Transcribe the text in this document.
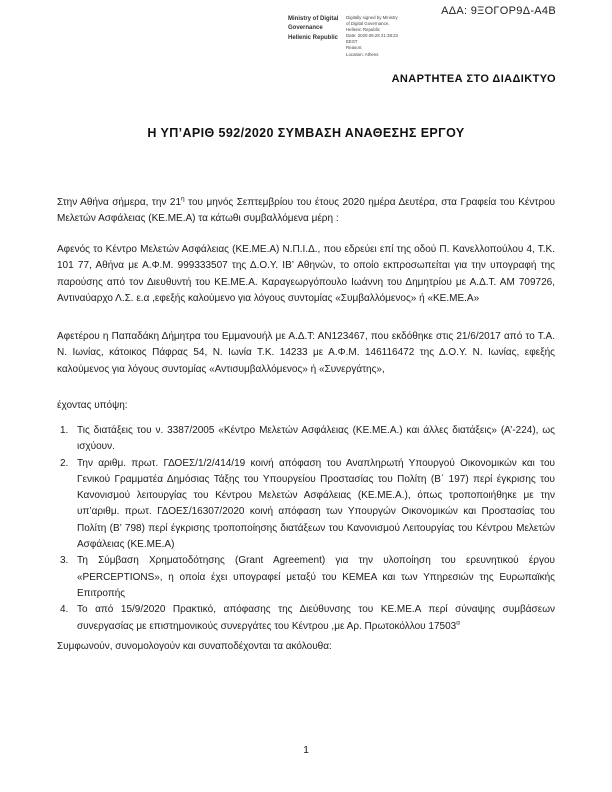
ΑΔΑ: 9ΞΟΓΟΡ9Δ-Α4Β
Ministry of Digital
Governance
Hellenic Republic
Digitally signed by Ministry
of Digital Governance,
Hellenic Republic
Date: 2020.09.28 21:38:23
EEST
Reason:
Location: Athens
ΑΝΑΡΤΗΤΕΑ ΣΤΟ ΔΙΑΔΙΚΤΥΟ
Η ΥΠ’ΑΡΙΘ 592/2020 ΣΥΜΒΑΣΗ ΑΝΑΘΕΣΗΣ ΕΡΓΟΥ

Στην Αθήνα σήμερα, την $21^\eta$ του μηνός Σεπτεμβρίου του έτους 2020 ημέρα Δευτέρα, στα Γραφεία του Κέντρου Μελετών Ασφάλειας (ΚΕ.ΜΕ.Α) τα κάτωθι συμβαλλόμενα μέρη :

Αφενός το Κέντρο Μελετών Ασφάλειας (ΚΕ.ΜΕ.Α) Ν.Π.Ι.Δ., που εδρεύει επί της οδού Π. Κανελλοπούλου 4, Τ.Κ. 101 77, Αθήνα με Α.Φ.Μ. 999333507 της Δ.Ο.Υ. ΙΒ’ Αθηνών, το οποίο εκπροσωπείται για την υπογραφή της παρούσης από τον Διευθυντή του ΚΕ.ΜΕ.Α. Καραγεωργόπουλο Ιωάννη του Δημητρίου με Α.Δ.Τ. ΑΜ 709726, Αντιναύαρχο Λ.Σ. ε.α ,εφεξής καλούμενο για λόγους συντομίας «Συμβαλλόμενος» ή «ΚΕ.ΜΕ.Α»

Αφετέρου η Παπαδάκη Δήμητρα του Εμμανουήλ με Α.Δ.Τ: ΑΝ123467, που εκδόθηκε στις 21/6/2017 από το Τ.Α. Ν. Ιωνίας, κάτοικος Πάφρας 54, Ν. Ιωνία Τ.Κ. 14233 με Α.Φ.Μ. 146116472 της Δ.Ο.Υ. Ν. Ιωνίας, εφεξής καλούμενος για λόγους συντομίας «Αντισυμβαλλόμενος» ή «Συνεργάτης»,

έχοντας υπόψη:

1. Τις διατάξεις του ν. 3387/2005 «Κέντρο Μελετών Ασφάλειας (ΚΕ.ΜΕ.Α.) και άλλες διατάξεις» (Α’-224), ως ισχύουν.
2. Την αριθμ. πρωτ. ΓΔΟΕΣ/1/2/414/19 κοινή απόφαση του Αναπληρωτή Υπουργού Οικονομικών και του Γενικού Γραμματέα Δημόσιας Τάξης του Υπουργείου Προστασίας του Πολίτη (Β΄ 197) περί έγκρισης του Κανονισμού λειτουργίας του Κέντρου Μελετών Ασφάλειας (ΚΕ.ΜΕ.Α.), όπως τροποποιήθηκε με την υπ’αριθμ. πρωτ. ΓΔΟΕΣ/16307/2020 κοινή απόφαση των Υπουργών Οικονομικών και Προστασίας του Πολίτη (Β’ 798) περί έγκρισης τροποποίησης διατάξεων του Κανονισμού Λειτουργίας του Κέντρου Μελετών Ασφάλειας (ΚΕ.ΜΕ.Α)
3. Τη Σύμβαση Χρηματοδότησης (Grant Agreement) για την υλοποίηση του ερευνητικού έργου «PERCEPTIONS», η οποία έχει υπογραφεί μεταξύ του ΚΕΜΕΑ και των Υπηρεσιών της Ευρωπαϊκής Επιτροπής
4. Το από 15/9/2020 Πρακτικό, απόφασης της Διεύθυνσης του ΚΕ.ΜΕ.Α περί σύναψης συμβάσεων συνεργασίας με επιστημονικούς συνεργάτες του Κέντρου ,με Αρ. Πρωτοκόλλου $17503^\alpha$

Συμφωνούν, συνομολογούν και συναποδέχονται τα ακόλουθα:

1
